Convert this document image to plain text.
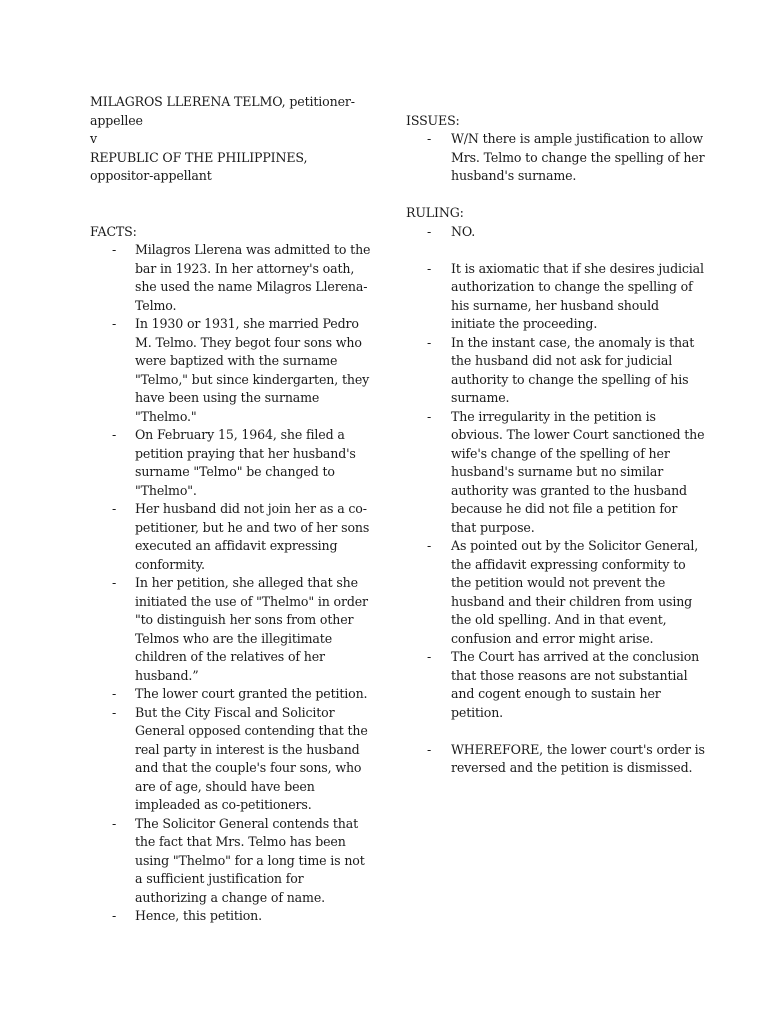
MILAGROS LLERENA TELMO, petitioner-

appellee

v

REPUBLIC OF THE PHILIPPINES,

oppositor-appellant

FACTS:

- Milagros Llerena was admitted to the bar in 1923. In her attorney's oath, she used the name Milagros Llerena-Telmo.
- In 1930 or 1931, she married Pedro M. Telmo. They begot four sons who were baptized with the surname "Telmo," but since kindergarten, they have been using the surname "Thelmo."
- On February 15, 1964, she filed a petition praying that her husband's surname "Telmo" be changed to "Thelmo".
- Her husband did not join her as a co- petitioner, but he and two of her sons executed an affidavit expressing conformity.
- In her petition, she alleged that she initiated the use of "Thelmo" in order "to distinguish her sons from other Telmos who are the illegitimate children of the relatives of her husband.”
- The lower court granted the petition.
- But the City Fiscal and Solicitor General opposed contending that the real party in interest is the husband and that the couple's four sons, who are of age, should have been impleaded as co-petitioners.
- The Solicitor General contends that the fact that Mrs. Telmo has been using "Thelmo" for a long time is not a sufficient justification for authorizing a change of name.
- Hence, this petition.

ISSUES:

- W/N there is ample justification to allow Mrs. Telmo to change the spelling of her husband's surname.

RULING:

- NO.
- It is axiomatic that if she desires judicial authorization to change the spelling of his surname, her husband should initiate the proceeding.
- In the instant case, the anomaly is that the husband did not ask for judicial authority to change the spelling of his surname.
- The irregularity in the petition is obvious. The lower Court sanctioned the wife's change of the spelling of her husband's surname but no similar authority was granted to the husband because he did not file a petition for that purpose.
- As pointed out by the Solicitor General, the affidavit expressing conformity to the petition would not prevent the husband and their children from using the old spelling. And in that event, confusion and error might arise.
- The Court has arrived at the conclusion that those reasons are not substantial and cogent enough to sustain her petition.
- WHEREFORE, the lower court's order is reversed and the petition is dismissed.
